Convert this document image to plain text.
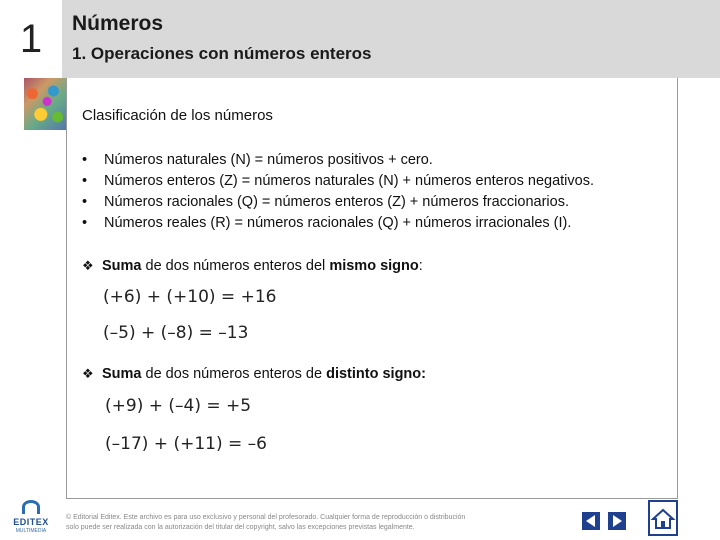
1	Números
1. Operaciones con números enteros
Clasificación de los números
• Números naturales (N) = números positivos + cero.
• Números enteros (Z) = números naturales (N) + números enteros negativos.
• Números racionales (Q) = números enteros (Z) + números fraccionarios.
• Números reales (R) = números racionales (Q) + números irracionales (I).
❖ Suma de dos números enteros del mismo signo:
(+6) + (+10) = +16
(–5) + (–8) = –13
❖ Suma de dos números enteros de distinto signo:
(+9) + (–4) = +5
(–17) + (+11) = –6
EDITEX
MULTIMEDIA
© Editorial Editex. Este archivo es para uso exclusivo y personal del profesorado. Cualquier forma de reproducción o distribución
solo puede ser realizada con la autorización del titular del copyright, salvo las excepciones previstas legalmente.
